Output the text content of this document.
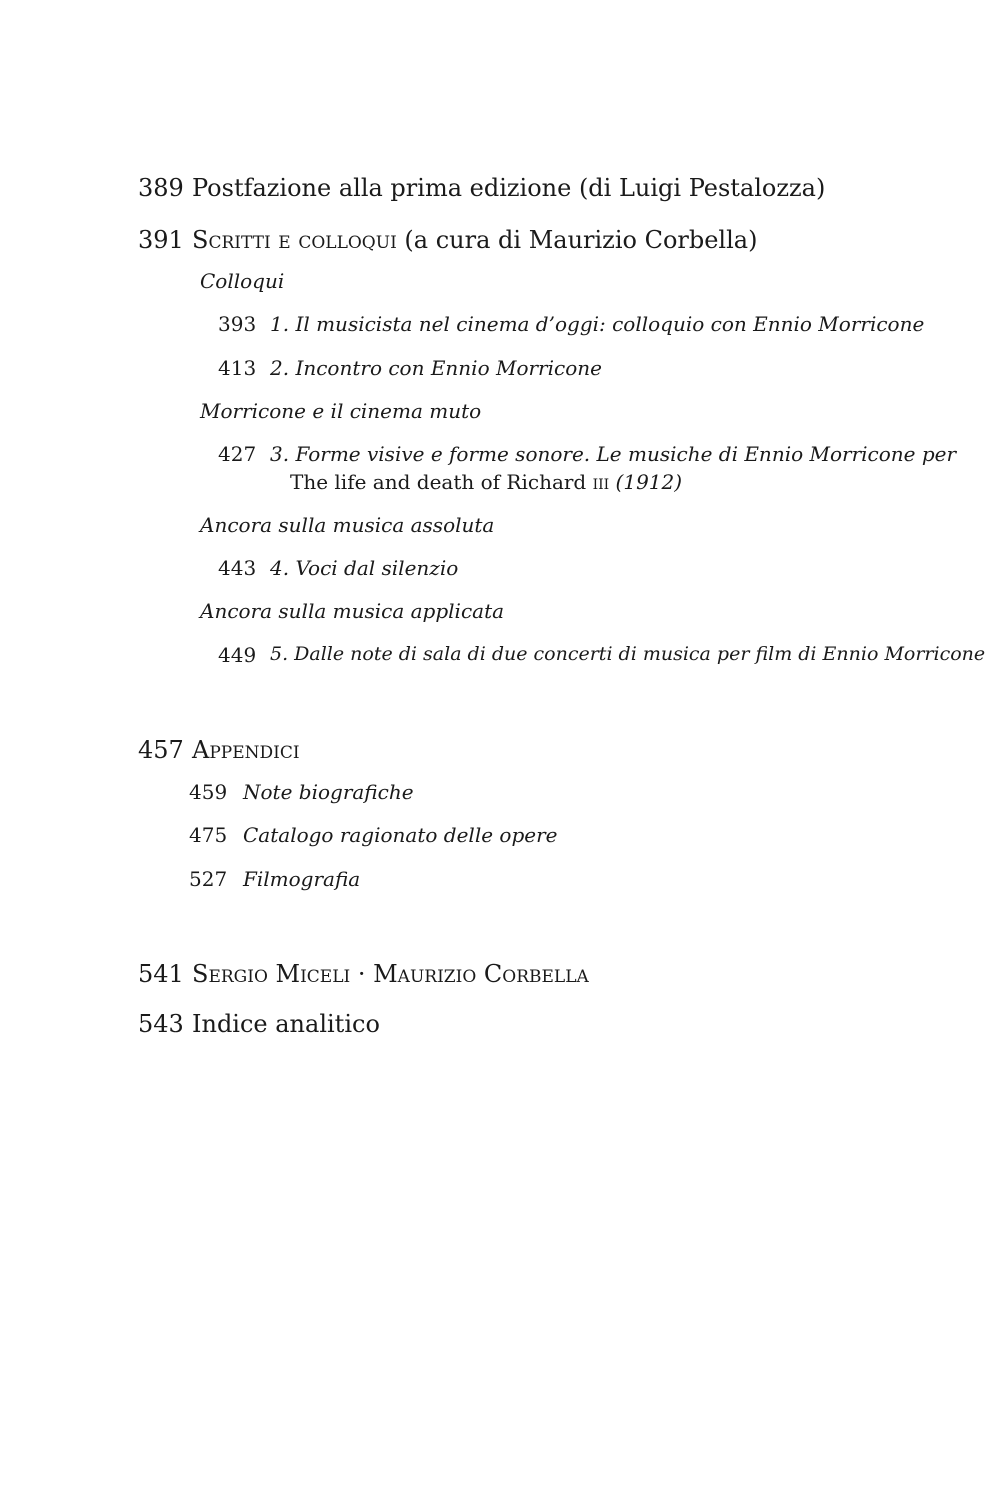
389 Postfazione alla prima edizione (di Luigi Pestalozza)
391 Scritti e colloqui (a cura di Maurizio Corbella)
Colloqui
393 1. Il musicista nel cinema d’oggi: colloquio con Ennio Morricone
413 2. Incontro con Ennio Morricone
Morricone e il cinema muto
427 3. Forme visive e forme sonore. Le musiche di Ennio Morricone per
The life and death of Richard iii (1912)
Ancora sulla musica assoluta
443 4. Voci dal silenzio
Ancora sulla musica applicata
449 5. Dalle note di sala di due concerti di musica per film di Ennio Morricone
457 Appendici
459 Note biografiche
475 Catalogo ragionato delle opere
527 Filmografia
541 Sergio Miceli · Maurizio Corbella
543 Indice analitico
